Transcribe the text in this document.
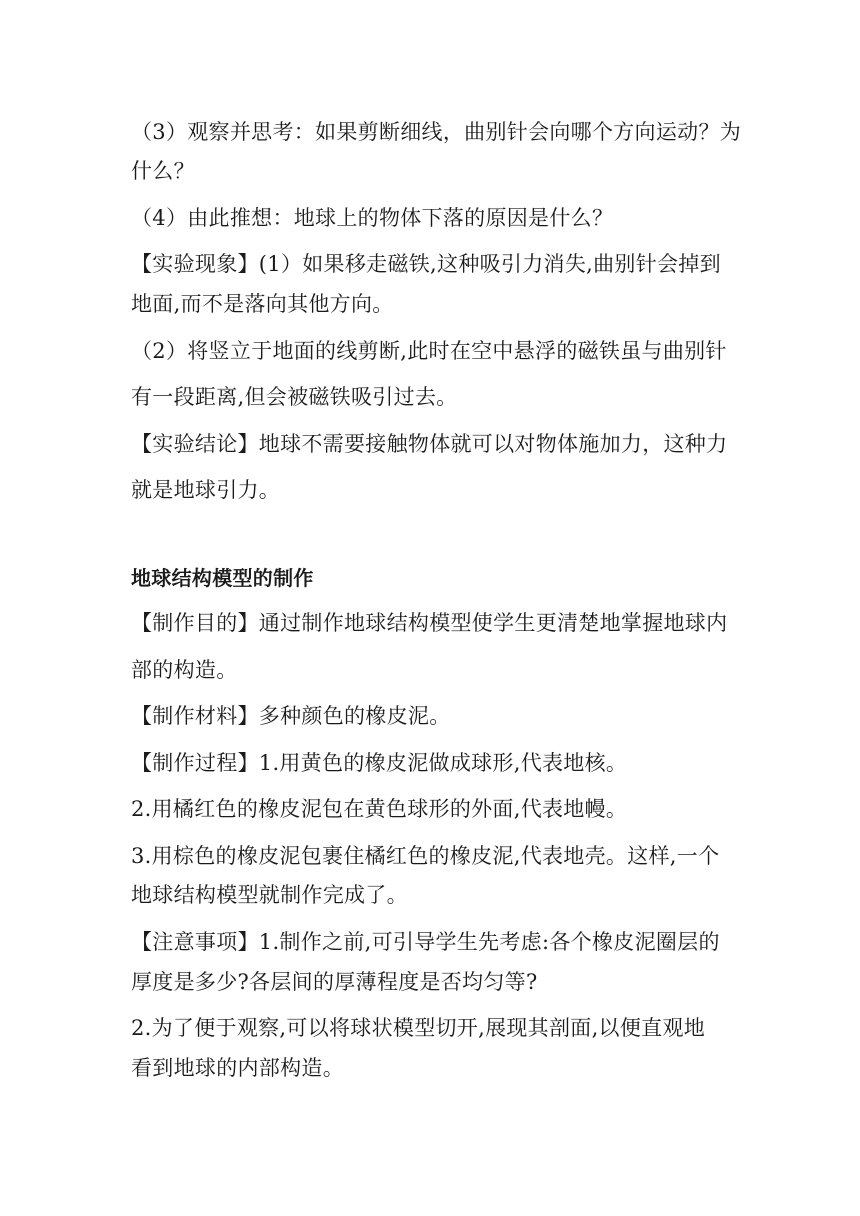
（3）观察并思考：如果剪断细线，曲别针会向哪个方向运动？为
什么？
（4）由此推想：地球上的物体下落的原因是什么？
【实验现象】(1）如果移走磁铁,这种吸引力消失,曲别针会掉到
地面,而不是落向其他方向。
（2）将竖立于地面的线剪断,此时在空中悬浮的磁铁虽与曲别针
有一段距离,但会被磁铁吸引过去。
【实验结论】地球不需要接触物体就可以对物体施加力，这种力
就是地球引力。
地球结构模型的制作
【制作目的】通过制作地球结构模型使学生更清楚地掌握地球内
部的构造。
【制作材料】多种颜色的橡皮泥。
【制作过程】1.用黄色的橡皮泥做成球形,代表地核。
2.用橘红色的橡皮泥包在黄色球形的外面,代表地幔。
3.用棕色的橡皮泥包裹住橘红色的橡皮泥,代表地壳。这样,一个
地球结构模型就制作完成了。
【注意事项】1.制作之前,可引导学生先考虑:各个橡皮泥圈层的
厚度是多少?各层间的厚薄程度是否均匀等?
2.为了便于观察,可以将球状模型切开,展现其剖面,以便直观地
看到地球的内部构造。
